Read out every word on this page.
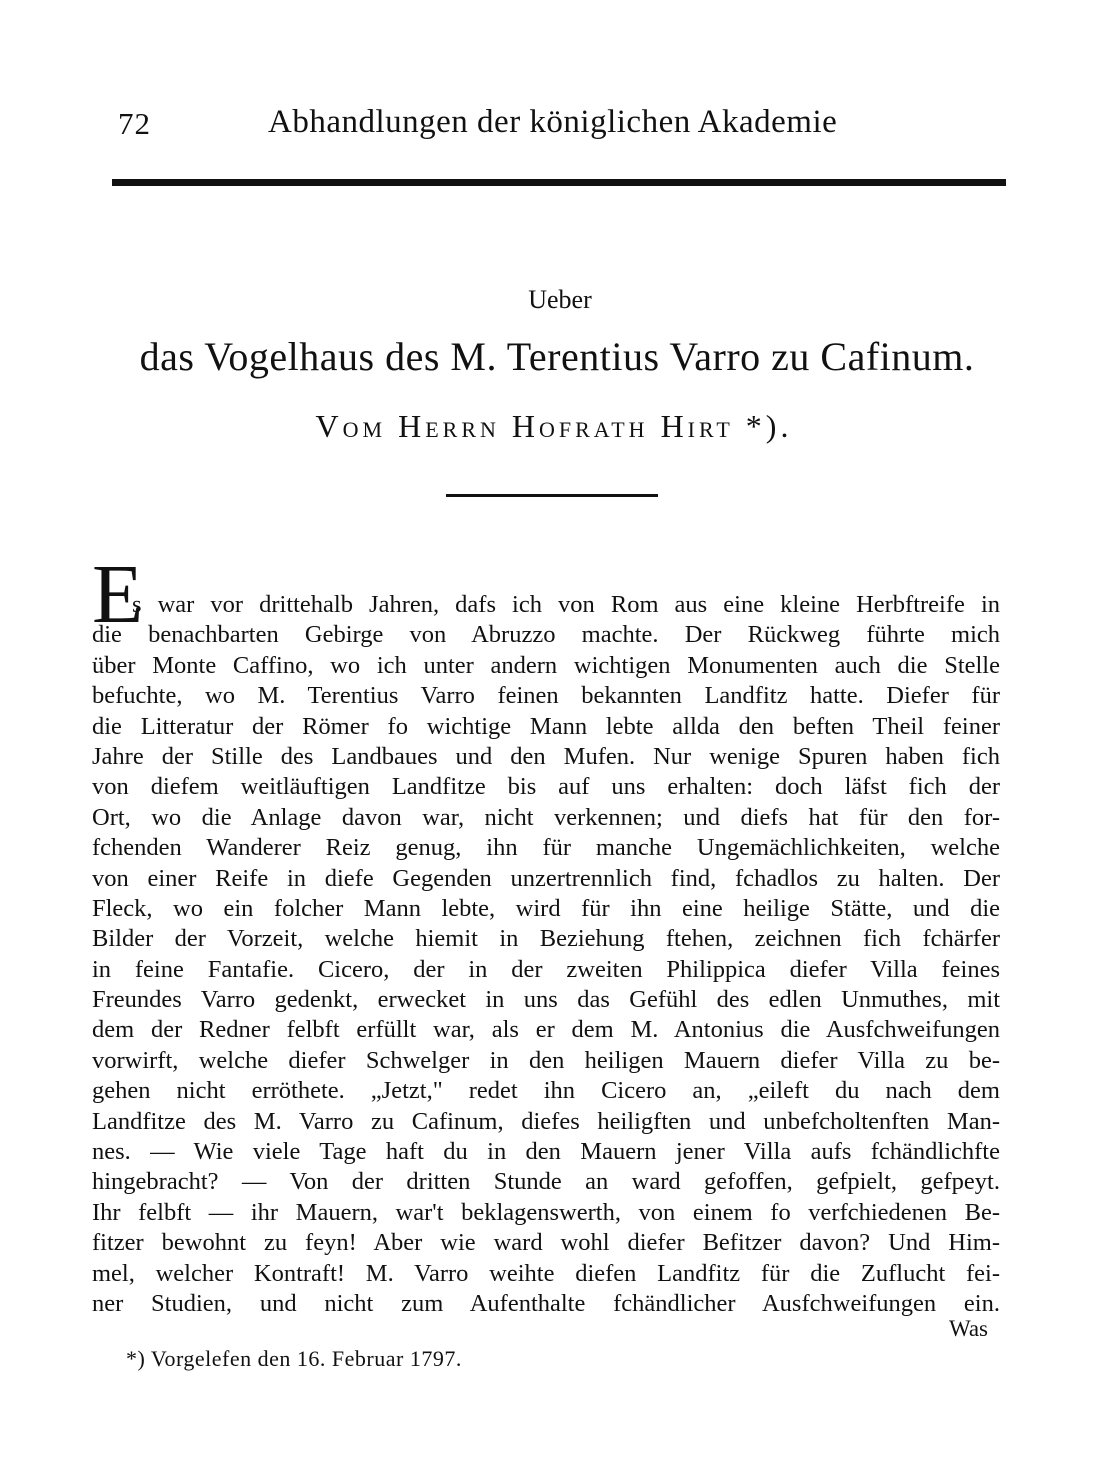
72	Abhandlungen der königlichen Akademie
Ueber
das Vogelhaus des M. Terentius Varro zu Cafinum.
Vom Herrn Hofrath Hirt *).
E
s war vor drittehalb Jahren, dafs ich von Rom aus eine kleine Herbftreife in
die benachbarten Gebirge von Abruzzo machte. Der Rückweg führte mich
über Monte Caffino, wo ich unter andern wichtigen Monumenten auch die Stelle
befuchte, wo M. Terentius Varro feinen bekannten Landfitz hatte. Diefer für
die Litteratur der Römer fo wichtige Mann lebte allda den beften Theil feiner
Jahre der Stille des Landbaues und den Mufen. Nur wenige Spuren haben fich
von diefem weitläuftigen Landfitze bis auf uns erhalten: doch läfst fich der
Ort, wo die Anlage davon war, nicht verkennen; und diefs hat für den for-
fchenden Wanderer Reiz genug, ihn für manche Ungemächlichkeiten, welche
von einer Reife in diefe Gegenden unzertrennlich find, fchadlos zu halten. Der
Fleck, wo ein folcher Mann lebte, wird für ihn eine heilige Stätte, und die
Bilder der Vorzeit, welche hiemit in Beziehung ftehen, zeichnen fich fchärfer
in feine Fantafie. Cicero, der in der zweiten Philippica diefer Villa feines
Freundes Varro gedenkt, erwecket in uns das Gefühl des edlen Unmuthes, mit
dem der Redner felbft erfüllt war, als er dem M. Antonius die Ausfchweifungen
vorwirft, welche diefer Schwelger in den heiligen Mauern diefer Villa zu be-
gehen nicht erröthete. „Jetzt," redet ihn Cicero an, „eileft du nach dem
Landfitze des M. Varro zu Cafinum, diefes heiligften und unbefcholtenften Man-
nes. — Wie viele Tage haft du in den Mauern jener Villa aufs fchändlichfte
hingebracht? — Von der dritten Stunde an ward gefoffen, gefpielt, gefpeyt.
Ihr felbft — ihr Mauern, war't beklagenswerth, von einem fo verfchiedenen Be-
fitzer bewohnt zu feyn! Aber wie ward wohl diefer Befitzer davon? Und Him-
mel, welcher Kontraft! M. Varro weihte diefen Landfitz für die Zuflucht fei-
ner Studien, und nicht zum Aufenthalte fchändlicher Ausfchweifungen ein.
Was
*) Vorgelefen den 16. Februar 1797.
